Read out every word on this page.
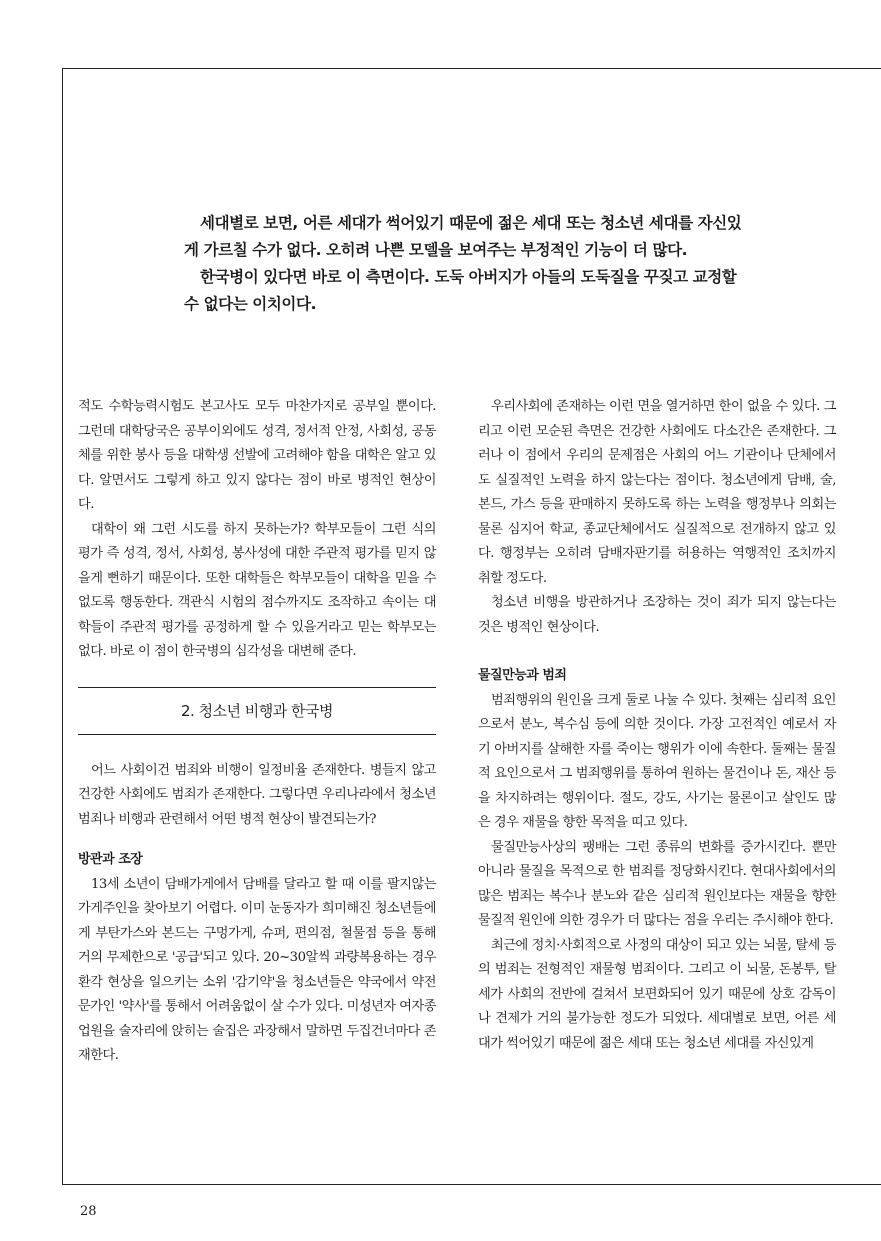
세대별로 보면, 어른 세대가 썩어있기 때문에 젊은 세대 또는 청소년 세대를 자신있게 가르칠 수가 없다. 오히려 나쁜 모델을 보여주는 부정적인 기능이 더 많다.

한국병이 있다면 바로 이 측면이다. 도둑 아버지가 아들의 도둑질을 꾸짖고 교정할 수 없다는 이치이다.

적도 수학능력시험도 본고사도 모두 마찬가지로 공부일 뿐이다. 그런데 대학당국은 공부이외에도 성격, 정서적 안정, 사회성, 공동체를 위한 봉사 등을 대학생 선발에 고려해야 함을 대학은 알고 있다. 알면서도 그렇게 하고 있지 않다는 점이 바로 병적인 현상이다.

대학이 왜 그런 시도를 하지 못하는가? 학부모들이 그런 식의 평가 즉 성격, 정서, 사회성, 봉사성에 대한 주관적 평가를 믿지 않을게 뻔하기 때문이다. 또한 대학들은 학부모들이 대학을 믿을 수 없도록 행동한다. 객관식 시험의 점수까지도 조작하고 속이는 대학들이 주관적 평가를 공정하게 할 수 있을거라고 믿는 학부모는 없다. 바로 이 점이 한국병의 심각성을 대변해 준다.

2. 청소년 비행과 한국병

어느 사회이건 범죄와 비행이 일정비율 존재한다. 병들지 않고 건강한 사회에도 범죄가 존재한다. 그렇다면 우리나라에서 청소년 범죄나 비행과 관련해서 어떤 병적 현상이 발견되는가?

방관과 조장

13세 소년이 담배가게에서 담배를 달라고 할 때 이를 팔지않는 가게주인을 찾아보기 어렵다. 이미 눈동자가 희미해진 청소년들에게 부탄가스와 본드는 구멍가게, 슈퍼, 편의점, 철물점 등을 통해 거의 무제한으로 '공급'되고 있다. 20~30알씩 과량복용하는 경우 환각 현상을 일으키는 소위 '감기약'을 청소년들은 약국에서 약전문가인 '약사'를 통해서 어려움없이 살 수가 있다. 미성년자 여자종업원을 술자리에 앉히는 술집은 과장해서 말하면 두집건너마다 존재한다.

우리사회에 존재하는 이런 면을 열거하면 한이 없을 수 있다. 그리고 이런 모순된 측면은 건강한 사회에도 다소간은 존재한다. 그러나 이 점에서 우리의 문제점은 사회의 어느 기관이나 단체에서도 실질적인 노력을 하지 않는다는 점이다. 청소년에게 담배, 술, 본드, 가스 등을 판매하지 못하도록 하는 노력을 행정부나 의회는 물론 심지어 학교, 종교단체에서도 실질적으로 전개하지 않고 있다. 행정부는 오히려 담배자판기를 허용하는 역행적인 조치까지 취할 정도다.

청소년 비행을 방관하거나 조장하는 것이 죄가 되지 않는다는 것은 병적인 현상이다.

물질만능과 범죄

범죄행위의 원인을 크게 둘로 나눌 수 있다. 첫째는 심리적 요인으로서 분노, 복수심 등에 의한 것이다. 가장 고전적인 예로서 자기 아버지를 살해한 자를 죽이는 행위가 이에 속한다. 둘째는 물질적 요인으로서 그 범죄행위를 통하여 원하는 물건이나 돈, 재산 등을 차지하려는 행위이다. 절도, 강도, 사기는 물론이고 살인도 많은 경우 재물을 향한 목적을 띠고 있다.

물질만능사상의 팽배는 그런 종류의 변화를 증가시킨다. 뿐만 아니라 물질을 목적으로 한 범죄를 정당화시킨다. 현대사회에서의 많은 범죄는 복수나 분노와 같은 심리적 원인보다는 재물을 향한 물질적 원인에 의한 경우가 더 많다는 점을 우리는 주시해야 한다.

최근에 정치·사회적으로 사정의 대상이 되고 있는 뇌물, 탈세 등의 범죄는 전형적인 재물형 범죄이다. 그리고 이 뇌물, 돈봉투, 탈세가 사회의 전반에 걸쳐서 보편화되어 있기 때문에 상호 감독이나 견제가 거의 불가능한 정도가 되었다. 세대별로 보면, 어른 세대가 썩어있기 때문에 젊은 세대 또는 청소년 세대를 자신있게

28
